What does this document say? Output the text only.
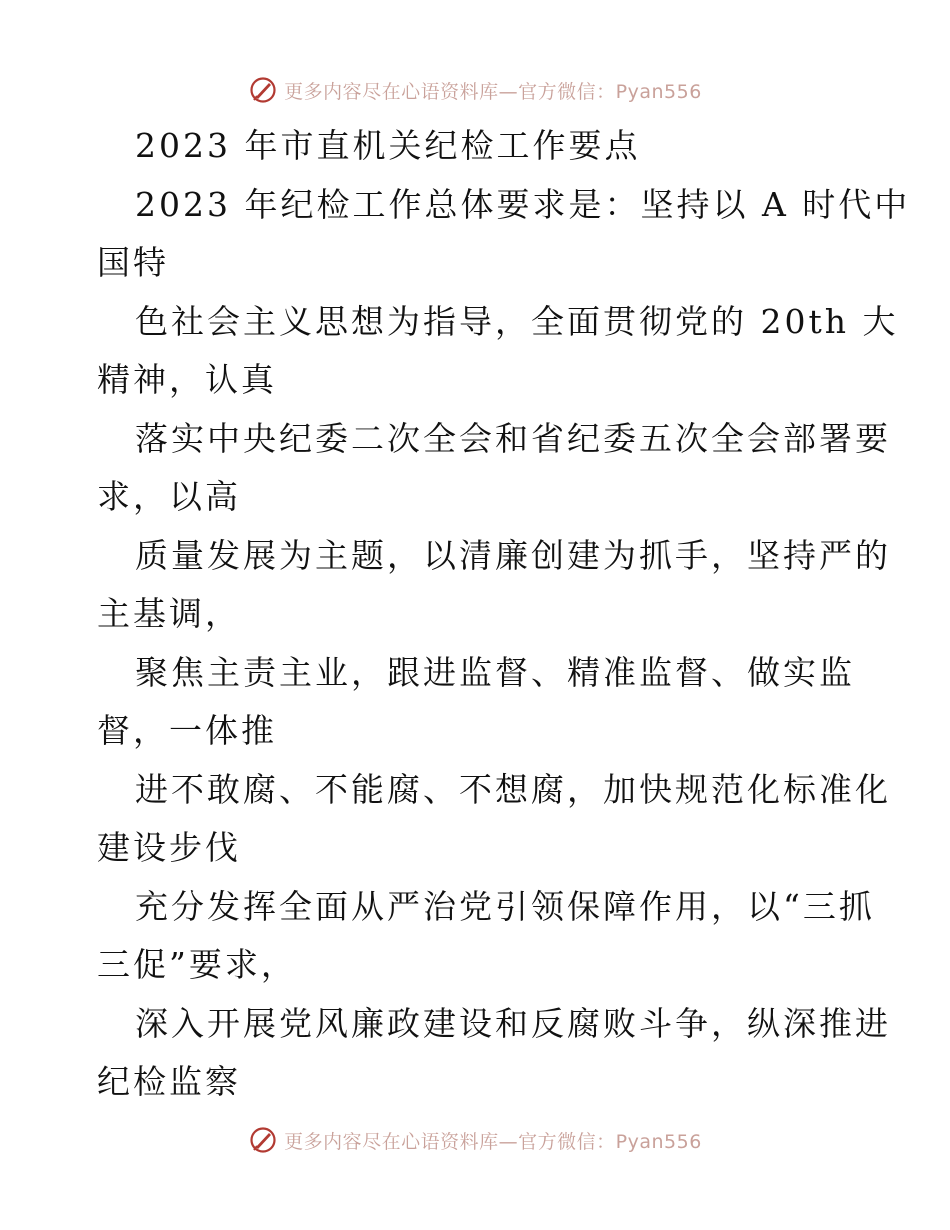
更多内容尽在心语资料库—官方微信：Pyan556
2023 年市直机关纪检工作要点
2023 年纪检工作总体要求是：坚持以 A 时代中
国特
色社会主义思想为指导，全面贯彻党的 20th 大
精神，认真
落实中央纪委二次全会和省纪委五次全会部署要
求，以高
质量发展为主题，以清廉创建为抓手，坚持严的
主基调，
聚焦主责主业，跟进监督、精准监督、做实监
督，一体推
进不敢腐、不能腐、不想腐，加快规范化标准化
建设步伐
充分发挥全面从严治党引领保障作用，以“三抓
三促”要求，
深入开展党风廉政建设和反腐败斗争，纵深推进
纪检监察
更多内容尽在心语资料库—官方微信：Pyan556
